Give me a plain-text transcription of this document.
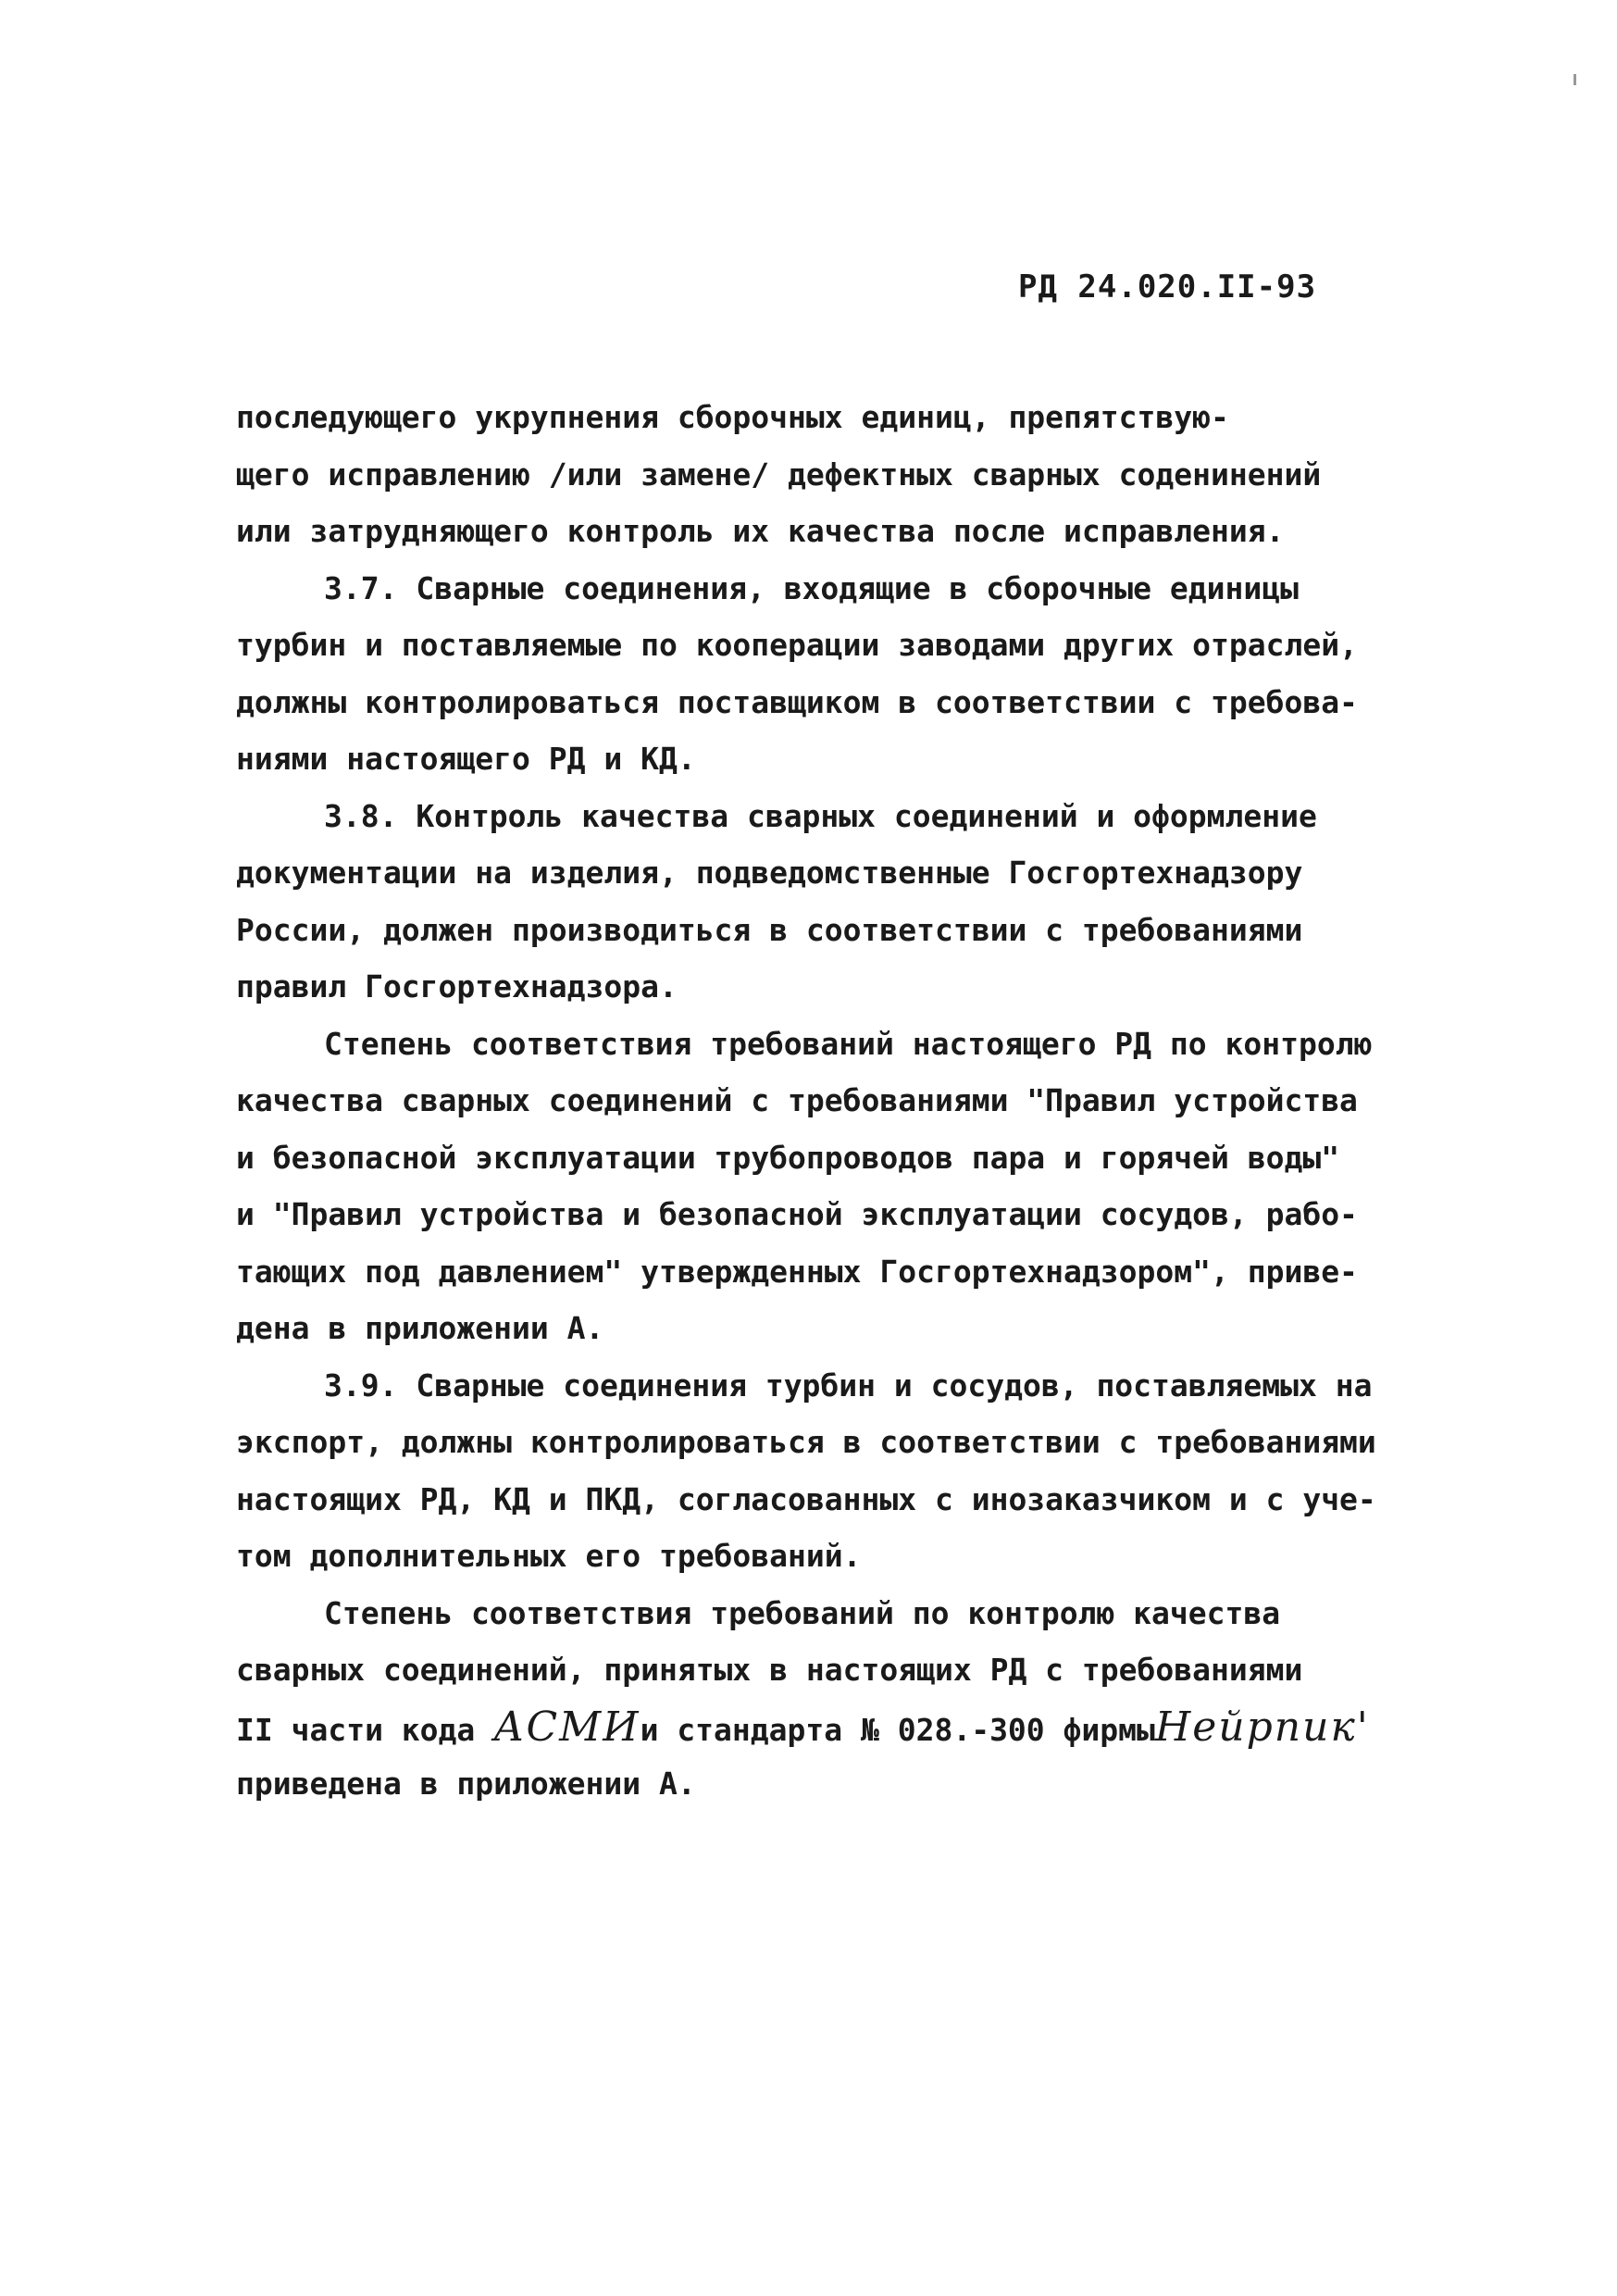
РД 24.020.II-93
последующего укрупнения сборочных единиц, препятствую-
щего исправлению /или замене/ дефектных сварных соденинений
или затрудняющего контроль их качества после исправления.
3.7. Сварные соединения, входящие в сборочные единицы
турбин и поставляемые по кооперации заводами других отраслей,
должны контролироваться поставщиком в соответствии с требова-
ниями настоящего РД и КД.
3.8. Контроль качества сварных соединений и оформление
документации на изделия, подведомственные Госгортехнадзору
России, должен производиться в соответствии с требованиями
правил Госгортехнадзора.
Степень соответствия требований настоящего РД по контролю
качества сварных соединений с требованиями "Правил устройства
и безопасной эксплуатации трубопроводов пара и горячей воды"
и "Правил устройства и безопасной эксплуатации сосудов, рабо-
тающих под давлением" утвержденных Госгортехнадзором", приве-
дена в приложении А.
3.9. Сварные соединения турбин и сосудов, поставляемых на
экспорт, должны контролироваться в соответствии с требованиями
настоящих РД, КД и ПКД, согласованных с инозаказчиком и с уче-
том дополнительных его требований.
Степень соответствия требований по контролю качества
сварных соединений, принятых в настоящих РД с требованиями
II части кода АСМИи стандарта № 028.-300 фирмыНейрпик'
приведена в приложении А.
